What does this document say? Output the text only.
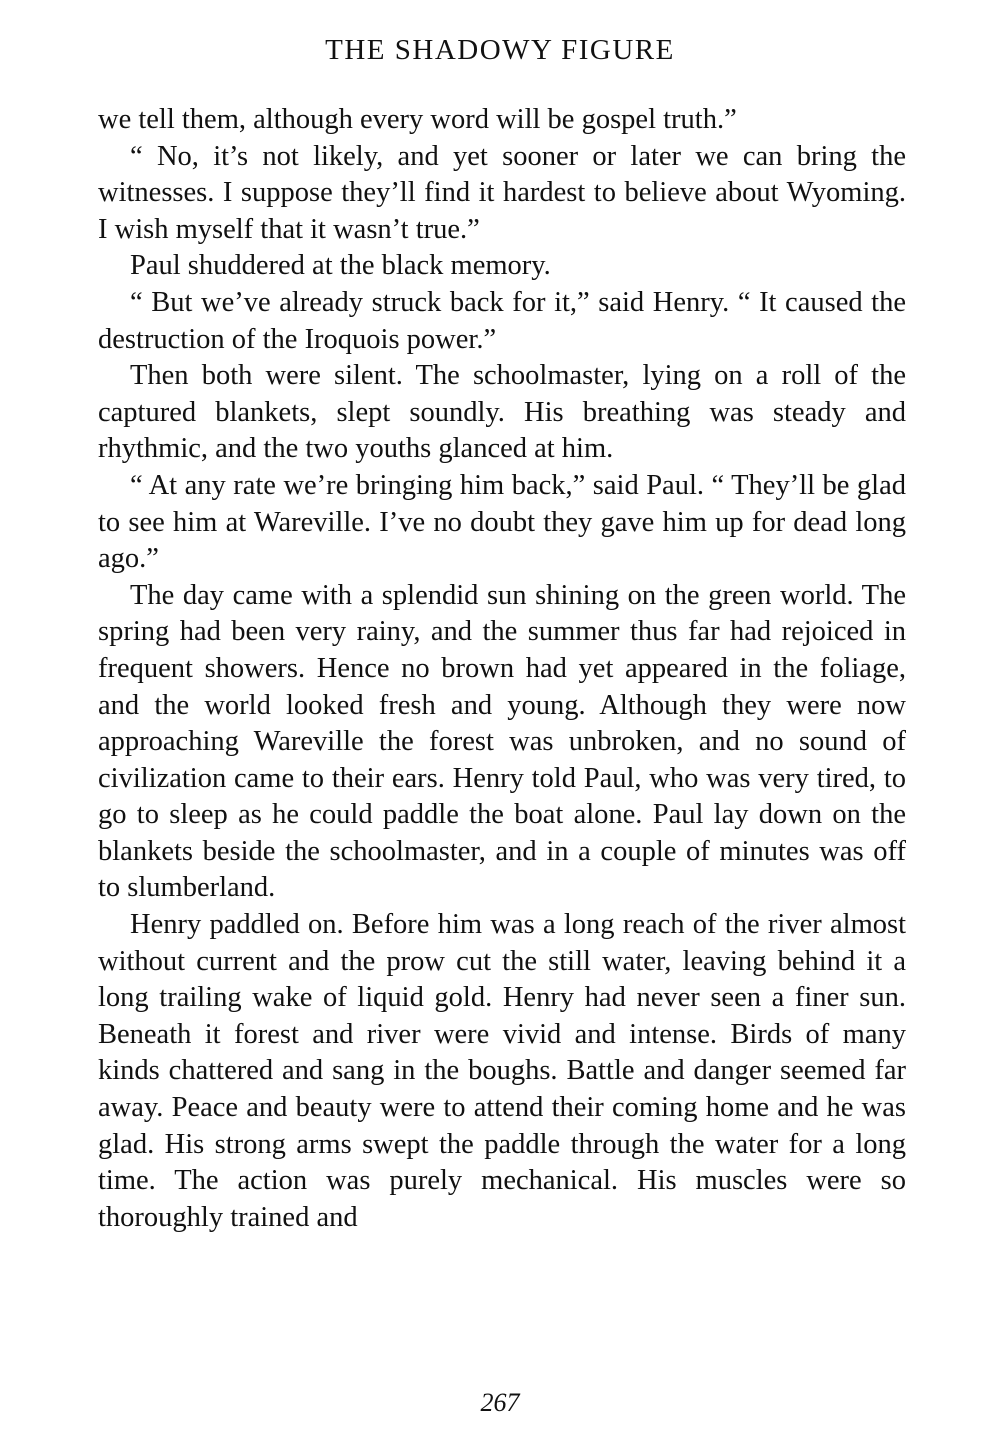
THE SHADOWY FIGURE

we tell them, although every word will be gospel truth.”

“ No, it’s not likely, and yet sooner or later we can bring the witnesses. I suppose they’ll find it hardest to believe about Wyoming. I wish myself that it wasn’t true.”

Paul shuddered at the black memory.

“ But we’ve already struck back for it,” said Henry. “ It caused the destruction of the Iroquois power.”

Then both were silent. The schoolmaster, lying on a roll of the captured blankets, slept soundly. His breathing was steady and rhythmic, and the two youths glanced at him.

“ At any rate we’re bringing him back,” said Paul. “ They’ll be glad to see him at Wareville. I’ve no doubt they gave him up for dead long ago.”

The day came with a splendid sun shining on the green world. The spring had been very rainy, and the summer thus far had rejoiced in frequent showers. Hence no brown had yet appeared in the foliage, and the world looked fresh and young. Although they were now approaching Wareville the forest was unbroken, and no sound of civilization came to their ears. Henry told Paul, who was very tired, to go to sleep as he could paddle the boat alone. Paul lay down on the blankets beside the schoolmaster, and in a couple of minutes was off to slumberland.

Henry paddled on. Before him was a long reach of the river almost without current and the prow cut the still water, leaving behind it a long trailing wake of liquid gold. Henry had never seen a finer sun. Beneath it forest and river were vivid and intense. Birds of many kinds chattered and sang in the boughs. Battle and danger seemed far away. Peace and beauty were to attend their coming home and he was glad. His strong arms swept the paddle through the water for a long time. The action was purely mechanical. His muscles were so thoroughly trained and

267
